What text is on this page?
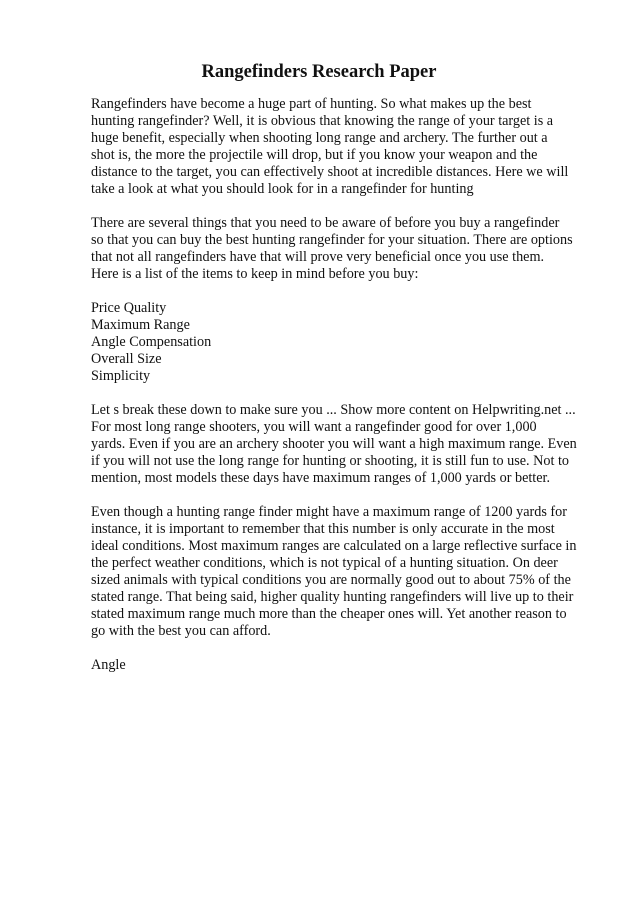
Rangefinders Research Paper

Rangefinders have become a huge part of hunting. So what makes up the best
hunting rangefinder? Well, it is obvious that knowing the range of your target is a
huge benefit, especially when shooting long range and archery. The further out a
shot is, the more the projectile will drop, but if you know your weapon and the
distance to the target, you can effectively shoot at incredible distances. Here we will
take a look at what you should look for in a rangefinder for hunting

There are several things that you need to be aware of before you buy a rangefinder
so that you can buy the best hunting rangefinder for your situation. There are options
that not all rangefinders have that will prove very beneficial once you use them.
Here is a list of the items to keep in mind before you buy:

Price Quality
Maximum Range
Angle Compensation
Overall Size
Simplicity

Let s break these down to make sure you ... Show more content on Helpwriting.net ...
For most long range shooters, you will want a rangefinder good for over 1,000
yards. Even if you are an archery shooter you will want a high maximum range. Even
if you will not use the long range for hunting or shooting, it is still fun to use. Not to
mention, most models these days have maximum ranges of 1,000 yards or better.

Even though a hunting range finder might have a maximum range of 1200 yards for
instance, it is important to remember that this number is only accurate in the most
ideal conditions. Most maximum ranges are calculated on a large reflective surface in
the perfect weather conditions, which is not typical of a hunting situation. On deer
sized animals with typical conditions you are normally good out to about 75% of the
stated range. That being said, higher quality hunting rangefinders will live up to their
stated maximum range much more than the cheaper ones will. Yet another reason to
go with the best you can afford.

Angle
